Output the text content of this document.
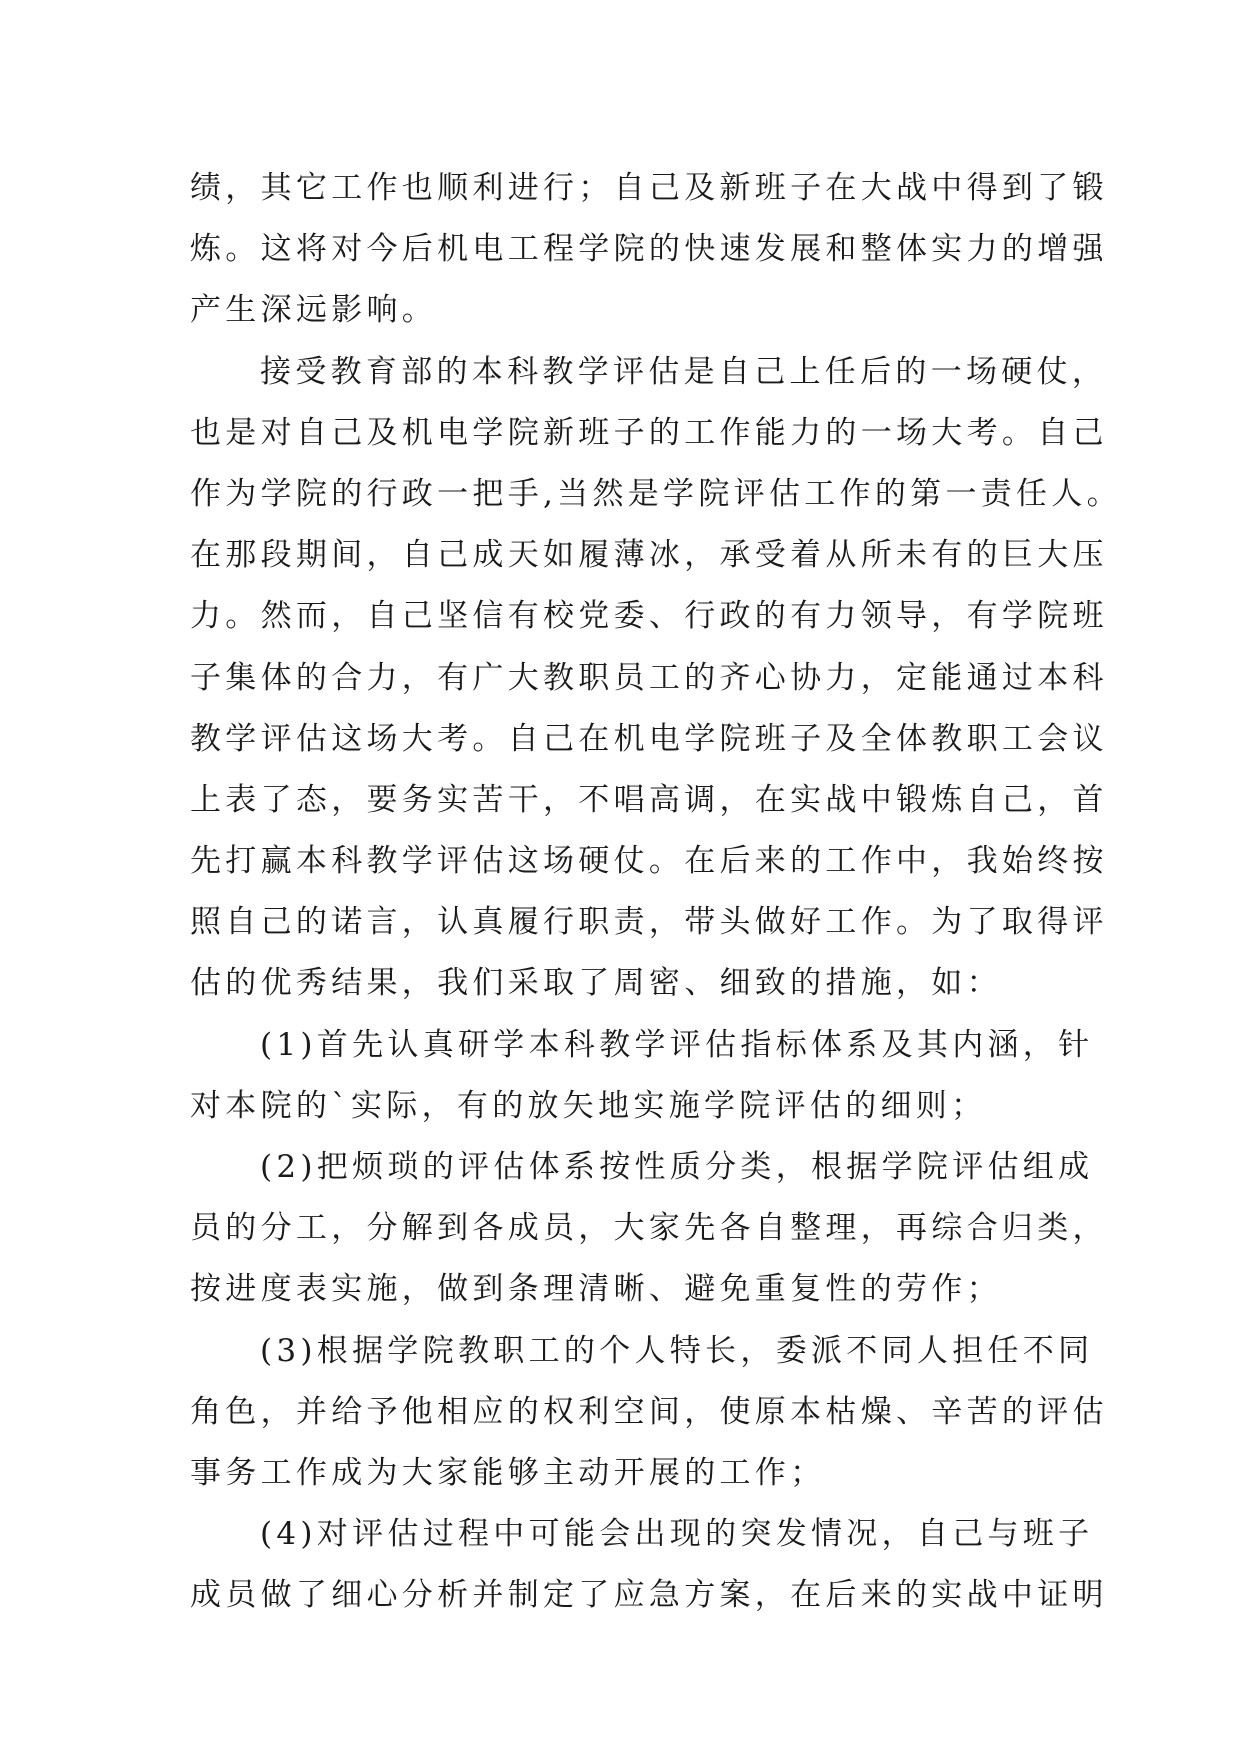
绩，其它工作也顺利进行；自己及新班子在大战中得到了锻
炼。这将对今后机电工程学院的快速发展和整体实力的增强
产生深远影响。
接受教育部的本科教学评估是自己上任后的一场硬仗，
也是对自己及机电学院新班子的工作能力的一场大考。自己
作为学院的行政一把手,当然是学院评估工作的第一责任人。
在那段期间，自己成天如履薄冰，承受着从所未有的巨大压
力。然而，自己坚信有校党委、行政的有力领导，有学院班
子集体的合力，有广大教职员工的齐心协力，定能通过本科
教学评估这场大考。自己在机电学院班子及全体教职工会议
上表了态，要务实苦干，不唱高调，在实战中锻炼自己，首
先打赢本科教学评估这场硬仗。在后来的工作中，我始终按
照自己的诺言，认真履行职责，带头做好工作。为了取得评
估的优秀结果，我们采取了周密、细致的措施，如：
(1)首先认真研学本科教学评估指标体系及其内涵，针
对本院的`实际，有的放矢地实施学院评估的细则；
(2)把烦琐的评估体系按性质分类，根据学院评估组成
员的分工，分解到各成员，大家先各自整理，再综合归类，
按进度表实施，做到条理清晰、避免重复性的劳作；
(3)根据学院教职工的个人特长，委派不同人担任不同
角色，并给予他相应的权利空间，使原本枯燥、辛苦的评估
事务工作成为大家能够主动开展的工作；
(4)对评估过程中可能会出现的突发情况，自己与班子
成员做了细心分析并制定了应急方案，在后来的实战中证明
